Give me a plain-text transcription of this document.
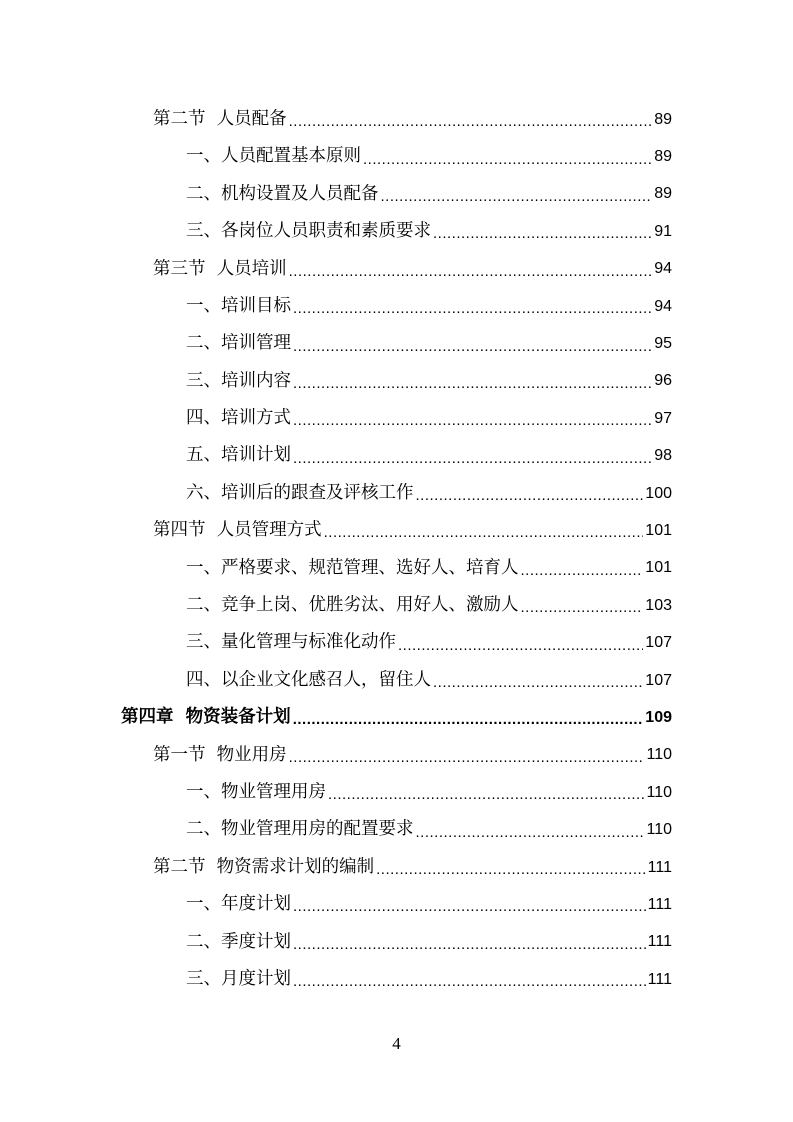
第二节  人员配备 .....	89
一、人员配置基本原则 .....	89
二、机构设置及人员配备 .....	89
三、各岗位人员职责和素质要求 .....	91
第三节  人员培训 .....	94
一、培训目标 .....	94
二、培训管理 .....	95
三、培训内容 .....	96
四、培训方式 .....	97
五、培训计划 .....	98
六、培训后的跟查及评核工作 .....	100
第四节  人员管理方式 .....	101
一、严格要求、规范管理、选好人、培育人 .....	101
二、竞争上岗、优胜劣汰、用好人、激励人 .....	103
三、量化管理与标准化动作 .....	107
四、以企业文化感召人，留住人 .....	107
第四章  物资装备计划 .....	109
第一节  物业用房 .....	110
一、物业管理用房 .....	110
二、物业管理用房的配置要求 .....	110
第二节  物资需求计划的编制 .....	111
一、年度计划 .....	111
二、季度计划 .....	111
三、月度计划 .....	111
4
